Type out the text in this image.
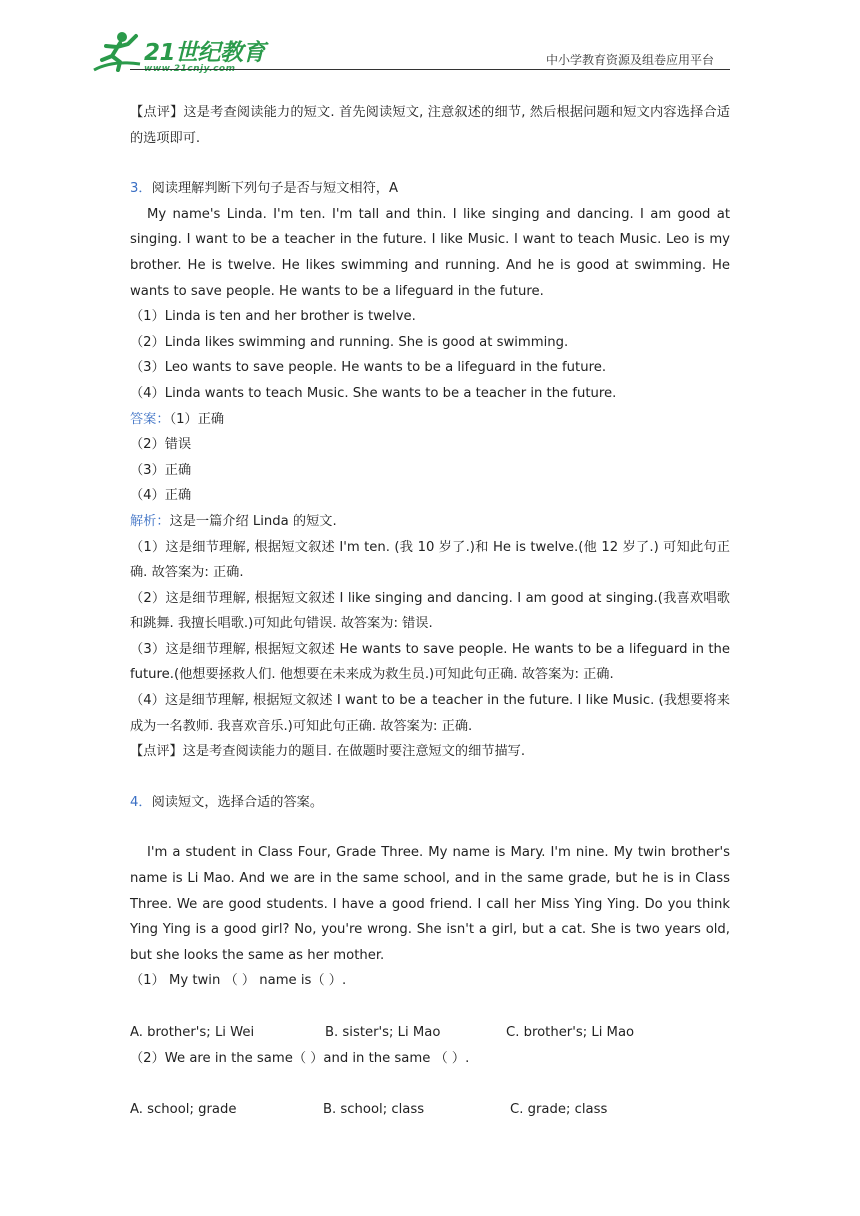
21世纪教育
www.21cnjy.com
中小学教育资源及组卷应用平台

【点评】这是考查阅读能力的短文. 首先阅读短文, 注意叙述的细节, 然后根据问题和短文内容选择合适的选项即可.

3．阅读理解判断下列句子是否与短文相符，A

My name's Linda. I'm ten. I'm tall and thin. I like singing and dancing. I am good at singing. I want to be a teacher in the future. I like Music. I want to teach Music. Leo is my brother. He is twelve. He likes swimming and running. And he is good at swimming. He wants to save people. He wants to be a lifeguard in the future.

（1）Linda is ten and her brother is twelve.

（2）Linda likes swimming and running. She is good at swimming.

（3）Leo wants to save people. He wants to be a lifeguard in the future.

（4）Linda wants to teach Music. She wants to be a teacher in the future.

答案：（1）正确

（2）错误

（3）正确

（4）正确

解析：这是一篇介绍 Linda 的短文.

（1）这是细节理解, 根据短文叙述 I'm ten. (我 10 岁了.)和 He is twelve.(他 12 岁了.) 可知此句正确. 故答案为: 正确.

（2）这是细节理解, 根据短文叙述 I like singing and dancing. I am good at singing.(我喜欢唱歌和跳舞. 我擅长唱歌.)可知此句错误. 故答案为: 错误.

（3）这是细节理解, 根据短文叙述 He wants to save people. He wants to be a lifeguard in the future.(他想要拯救人们. 他想要在未来成为救生员.)可知此句正确. 故答案为: 正确.

（4）这是细节理解, 根据短文叙述 I want to be a teacher in the future. I like Music. (我想要将来成为一名教师. 我喜欢音乐.)可知此句正确. 故答案为: 正确.

【点评】这是考查阅读能力的题目. 在做题时要注意短文的细节描写.

4．阅读短文，选择合适的答案。

I'm a student in Class Four, Grade Three. My name is Mary. I'm nine. My twin brother's name is Li Mao. And we are in the same school, and in the same grade, but he is in Class Three. We are good students. I have a good friend. I call her Miss Ying Ying. Do you think Ying Ying is a good girl? No, you're wrong. She isn't a girl, but a cat. She is two years old, but she looks the same as her mother.

（1） My twin （ ） name is（ ）.

A. brother's; Li Wei	B. sister's; Li Mao	C. brother's; Li Mao

（2）We are in the same（ ）and in the same （ ）.

A. school; grade	B. school; class	C. grade; class
